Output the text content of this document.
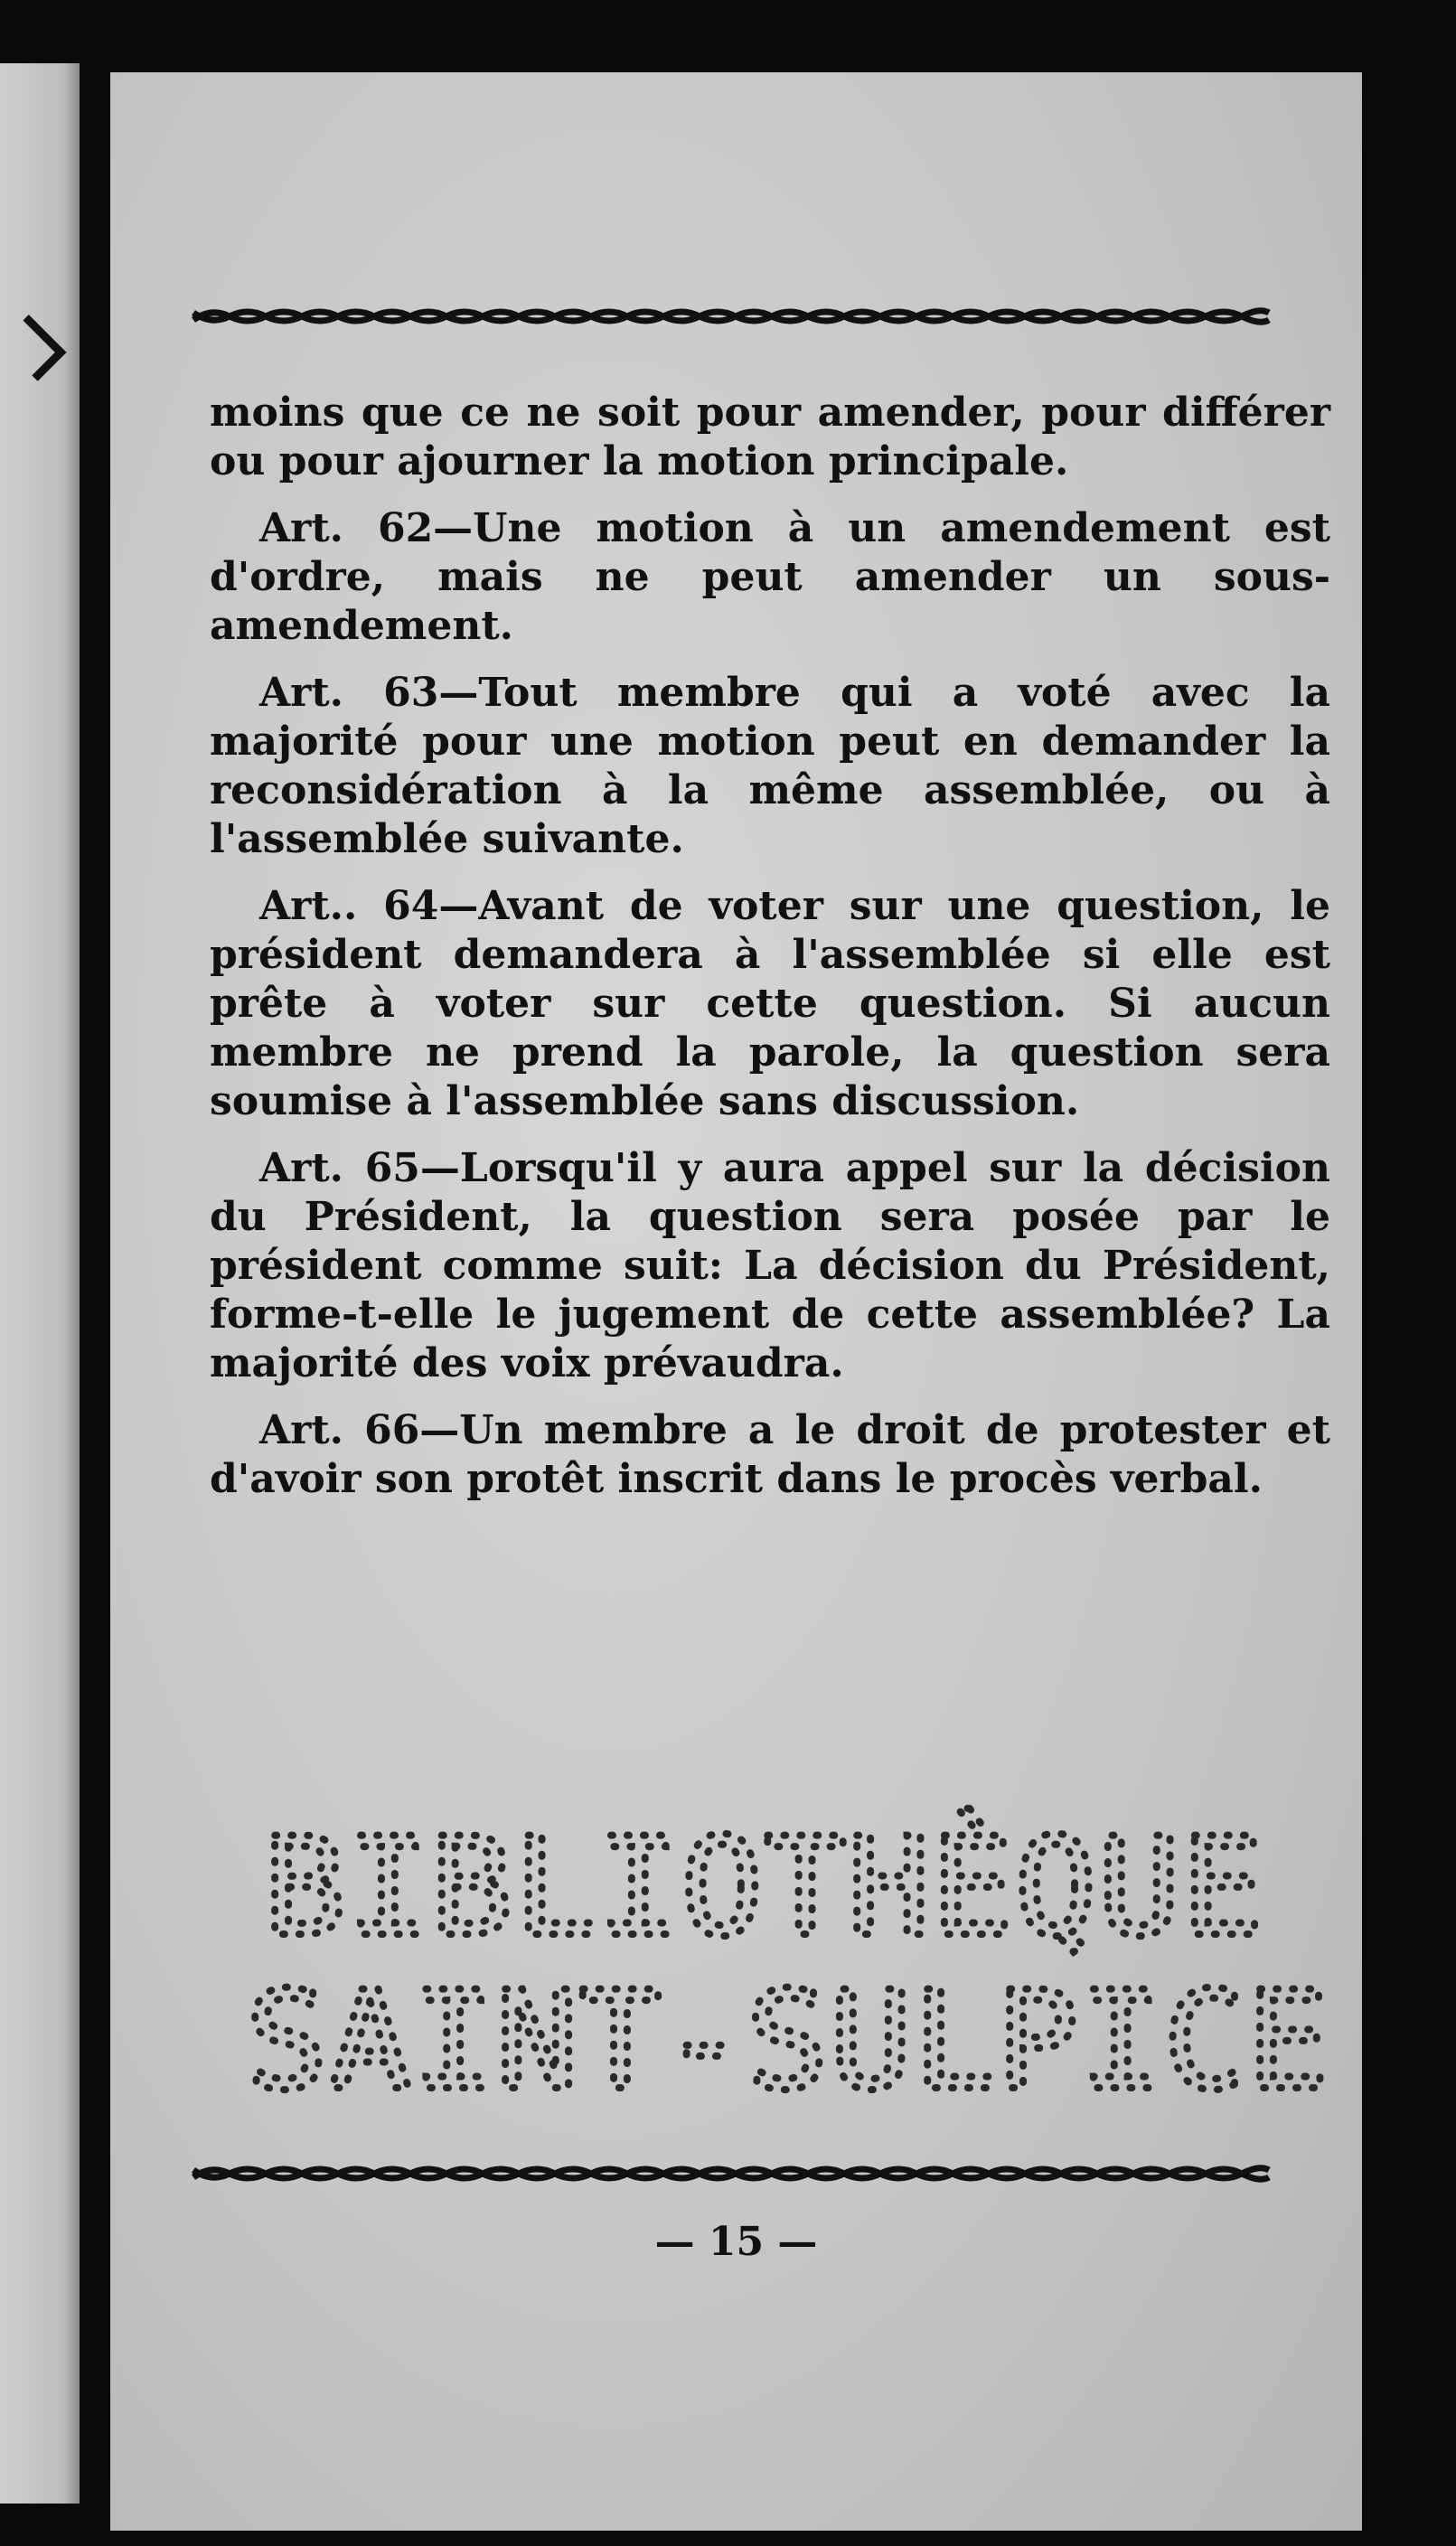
moins que ce ne soit pour amender, pour différer ou pour ajourner la motion principale.

Art. 62—Une motion à un amendement est d'ordre, mais ne peut amender un sous-amendement.

Art. 63—Tout membre qui a voté avec la majorité pour une motion peut en demander la reconsidération à la même assemblée, ou à l'assemblée suivante.

Art.. 64—Avant de voter sur une question, le président demandera à l'assemblée si elle est prête à voter sur cette question. Si aucun membre ne prend la parole, la question sera soumise à l'assemblée sans discussion.

Art. 65—Lorsqu'il y aura appel sur la décision du Président, la question sera posée par le président comme suit: La décision du Président, forme-t-elle le jugement de cette assemblée? La majorité des voix prévaudra.

Art. 66—Un membre a le droit de protester et d'avoir son protêt inscrit dans le procès verbal.

BIBLIOTHÈQUE
SAINT-SULPICE
— 15 —
